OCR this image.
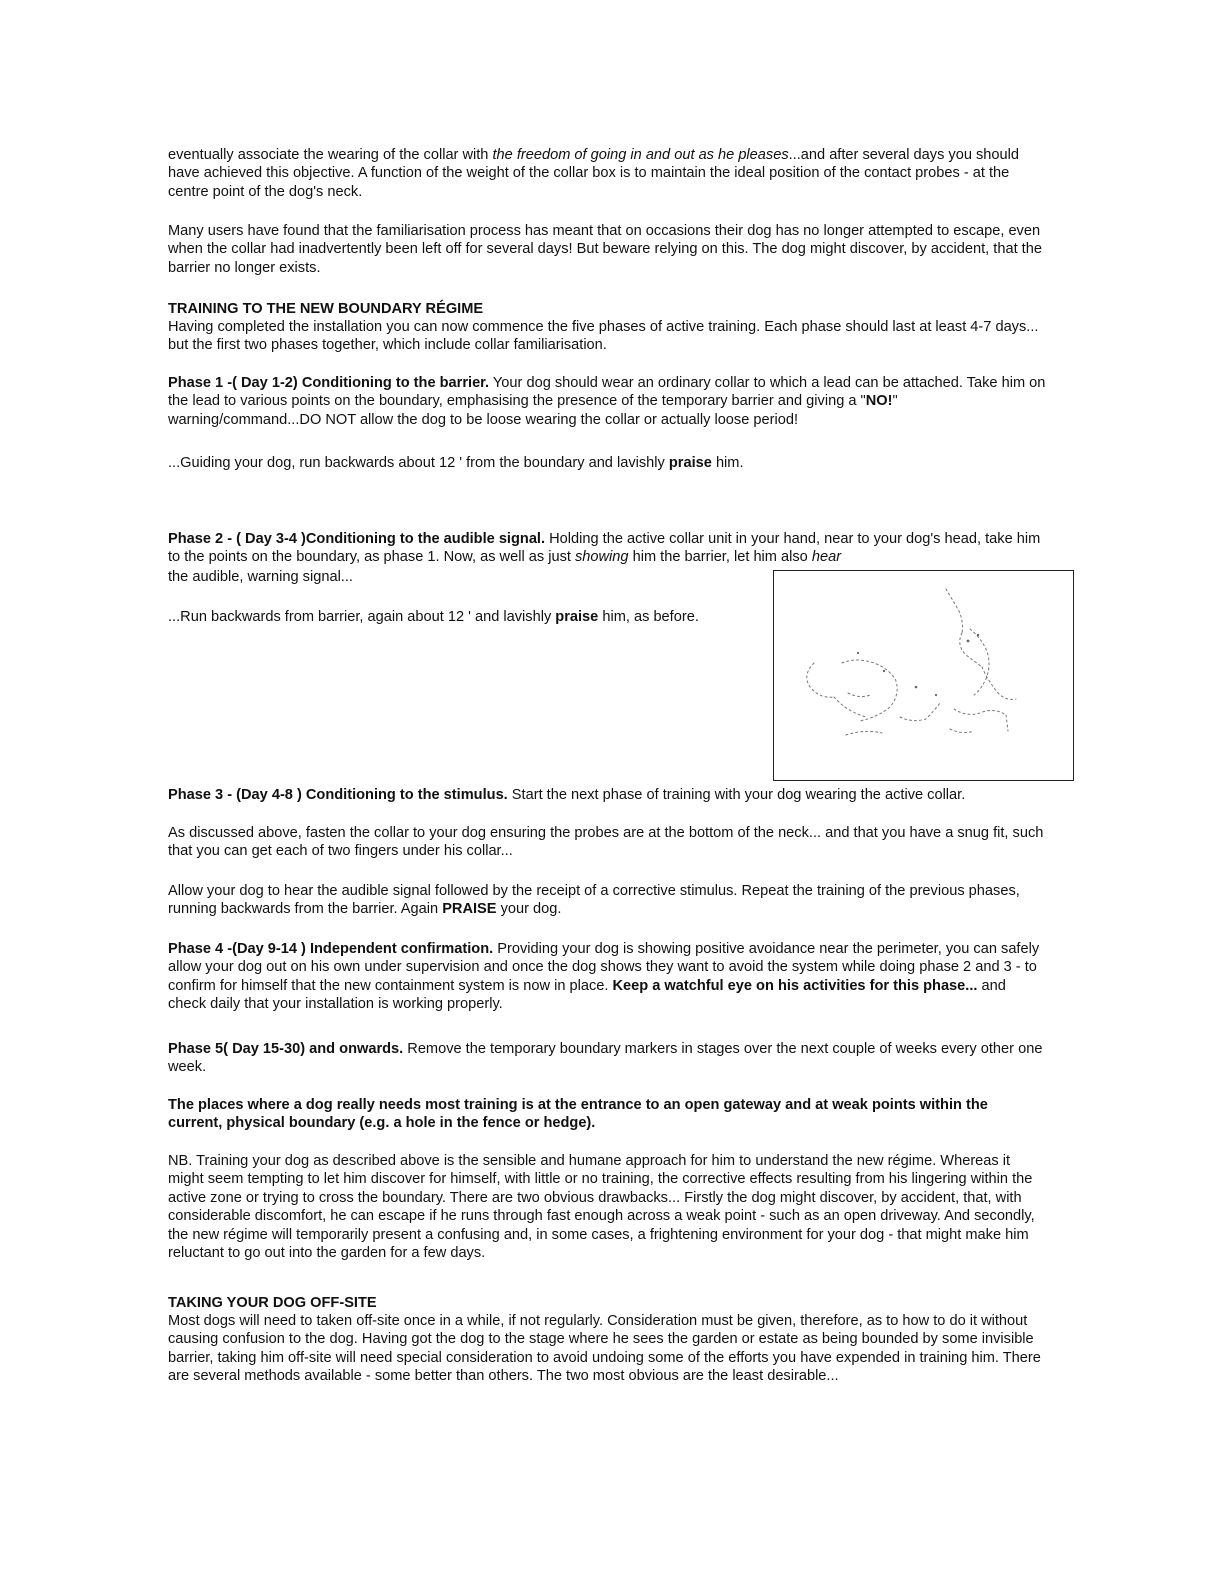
eventually associate the wearing of the collar with the freedom of going in and out as he pleases...and after several days you should have achieved this objective. A function of the weight of the collar box is to maintain the ideal position of the contact probes - at the centre point of the dog's neck.

Many users have found that the familiarisation process has meant that on occasions their dog has no longer attempted to escape, even when the collar had inadvertently been left off for several days! But beware relying on this. The dog might discover, by accident, that the barrier no longer exists.

TRAINING TO THE NEW BOUNDARY RÉGIME

Having completed the installation you can now commence the five phases of active training. Each phase should last at least 4-7 days... but the first two phases together, which include collar familiarisation.

Phase 1 -( Day 1-2) Conditioning to the barrier. Your dog should wear an ordinary collar to which a lead can be attached. Take him on the lead to various points on the boundary, emphasising the presence of the temporary barrier and giving a "NO!" warning/command...DO NOT allow the dog to be loose wearing the collar or actually loose period!

...Guiding your dog, run backwards about 12 ' from the boundary and lavishly praise him.

Phase 2 - ( Day 3-4 )Conditioning to the audible signal. Holding the active collar unit in your hand, near to your dog's head, take him to the points on the boundary, as phase 1. Now, as well as just showing him the barrier, let him also hear

the audible, warning signal...

...Run backwards from barrier, again about 12 ' and lavishly praise him, as before.

Phase 3 - (Day 4-8 ) Conditioning to the stimulus. Start the next phase of training with your dog wearing the active collar.

As discussed above, fasten the collar to your dog ensuring the probes are at the bottom of the neck... and that you have a snug fit, such that you can get each of two fingers under his collar...

Allow your dog to hear the audible signal followed by the receipt of a corrective stimulus. Repeat the training of the previous phases, running backwards from the barrier. Again PRAISE your dog.

Phase 4 -(Day 9-14 ) Independent confirmation. Providing your dog is showing positive avoidance near the perimeter, you can safely allow your dog out on his own under supervision and once the dog shows they want to avoid the system while doing phase 2 and 3 - to confirm for himself that the new containment system is now in place. Keep a watchful eye on his activities for this phase... and check daily that your installation is working properly.

Phase 5( Day 15-30) and onwards. Remove the temporary boundary markers in stages over the next couple of weeks every other one week.

The places where a dog really needs most training is at the entrance to an open gateway and at weak points within the current, physical boundary (e.g. a hole in the fence or hedge).

NB. Training your dog as described above is the sensible and humane approach for him to understand the new régime. Whereas it might seem tempting to let him discover for himself, with little or no training, the corrective effects resulting from his lingering within the active zone or trying to cross the boundary. There are two obvious drawbacks... Firstly the dog might discover, by accident, that, with considerable discomfort, he can escape if he runs through fast enough across a weak point - such as an open driveway. And secondly, the new régime will temporarily present a confusing and, in some cases, a frightening environment for your dog - that might make him reluctant to go out into the garden for a few days.

TAKING YOUR DOG OFF-SITE

Most dogs will need to taken off-site once in a while, if not regularly. Consideration must be given, therefore, as to how to do it without causing confusion to the dog. Having got the dog to the stage where he sees the garden or estate as being bounded by some invisible barrier, taking him off-site will need special consideration to avoid undoing some of the efforts you have expended in training him. There are several methods available - some better than others. The two most obvious are the least desirable...
